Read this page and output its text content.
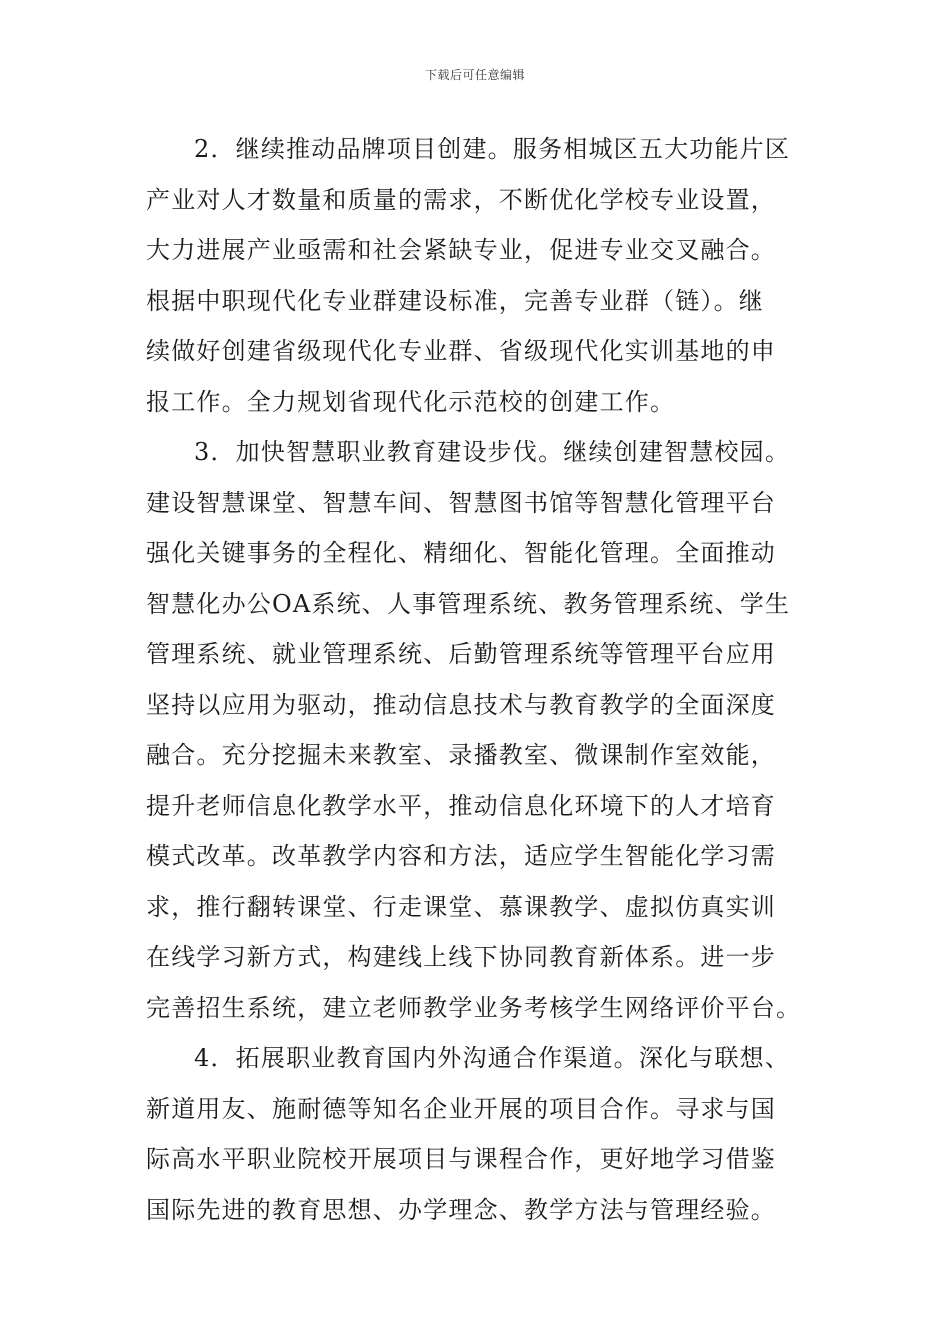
下载后可任意编辑
2．继续推动品牌项目创建。服务相城区五大功能片区
产业对人才数量和质量的需求，不断优化学校专业设置，
大力进展产业亟需和社会紧缺专业，促进专业交叉融合。
根据中职现代化专业群建设标准，完善专业群（链）。继
续做好创建省级现代化专业群、省级现代化实训基地的申
报工作。全力规划省现代化示范校的创建工作。
3．加快智慧职业教育建设步伐。继续创建智慧校园。
建设智慧课堂、智慧车间、智慧图书馆等智慧化管理平台
强化关键事务的全程化、精细化、智能化管理。全面推动
智慧化办公OA系统、人事管理系统、教务管理系统、学生
管理系统、就业管理系统、后勤管理系统等管理平台应用
坚持以应用为驱动，推动信息技术与教育教学的全面深度
融合。充分挖掘未来教室、录播教室、微课制作室效能，
提升老师信息化教学水平，推动信息化环境下的人才培育
模式改革。改革教学内容和方法，适应学生智能化学习需
求，推行翻转课堂、行走课堂、慕课教学、虚拟仿真实训
在线学习新方式，构建线上线下协同教育新体系。进一步
完善招生系统，建立老师教学业务考核学生网络评价平台。
4．拓展职业教育国内外沟通合作渠道。深化与联想、
新道用友、施耐德等知名企业开展的项目合作。寻求与国
际高水平职业院校开展项目与课程合作，更好地学习借鉴
国际先进的教育思想、办学理念、教学方法与管理经验。
